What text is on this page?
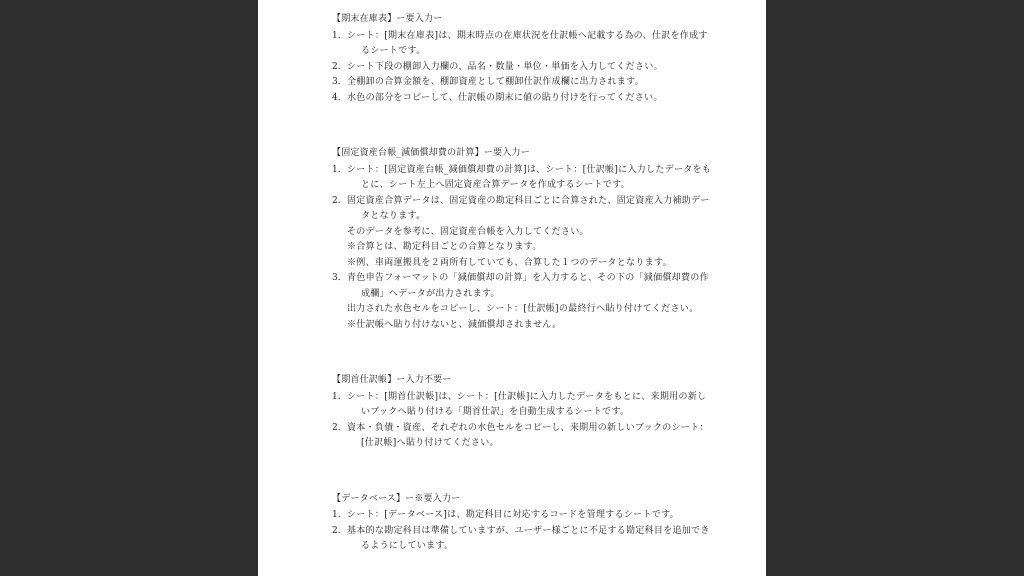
【期末在庫表】ー要入力ー
1． シート：[期末在庫表]は、期末時点の在庫状況を仕訳帳へ記載する為の、仕訳を作成す
るシートです。
2． シート下段の棚卸入力欄の、品名・数量・単位・単価を入力してください。
3． 全棚卸の合算金額を、棚卸資産として棚卸仕訳作成欄に出力されます。
4． 水色の部分をコピーして、仕訳帳の期末に値の貼り付けを行ってください。
【固定資産台帳_減価償却費の計算】ー要入力ー
1． シート：[固定資産台帳_減価償却費の計算]は、シート：[仕訳帳]に入力したデータをも
とに、シート左上へ固定資産合算データを作成するシートです。
2． 固定資産合算データは、固定資産の勘定科目ごとに合算された、固定資産入力補助デー
タとなります。
そのデータを参考に、固定資産台帳を入力してください。
※合算とは、勘定科目ごとの合算となります。
※例、車両運搬具を２両所有していても、合算した１つのデータとなります。
3． 青色申告フォーマットの「減価償却の計算」を入力すると、その下の「減価償却費の作
成欄」へデータが出力されます。
出力された水色セルをコピーし、シート：[仕訳帳]の最終行へ貼り付けてください。
※仕訳帳へ貼り付けないと、減価償却されません。
【期首仕訳帳】ー入力不要ー
1． シート：[期首仕訳帳]は、シート：[仕訳帳]に入力したデータをもとに、来期用の新し
いブックへ貼り付ける「期首仕訳」を自動生成するシートです。
2． 資本・負債・資産、それぞれの水色セルをコピーし、来期用の新しいブックのシート：
[仕訳帳]へ貼り付けてください。
【データベース】ー※要入力ー
1． シート：[データベース]は、勘定科目に対応するコードを管理するシートです。
2． 基本的な勘定科目は準備していますが、ユーザー様ごとに不足する勘定科目を追加でき
るようにしています。
